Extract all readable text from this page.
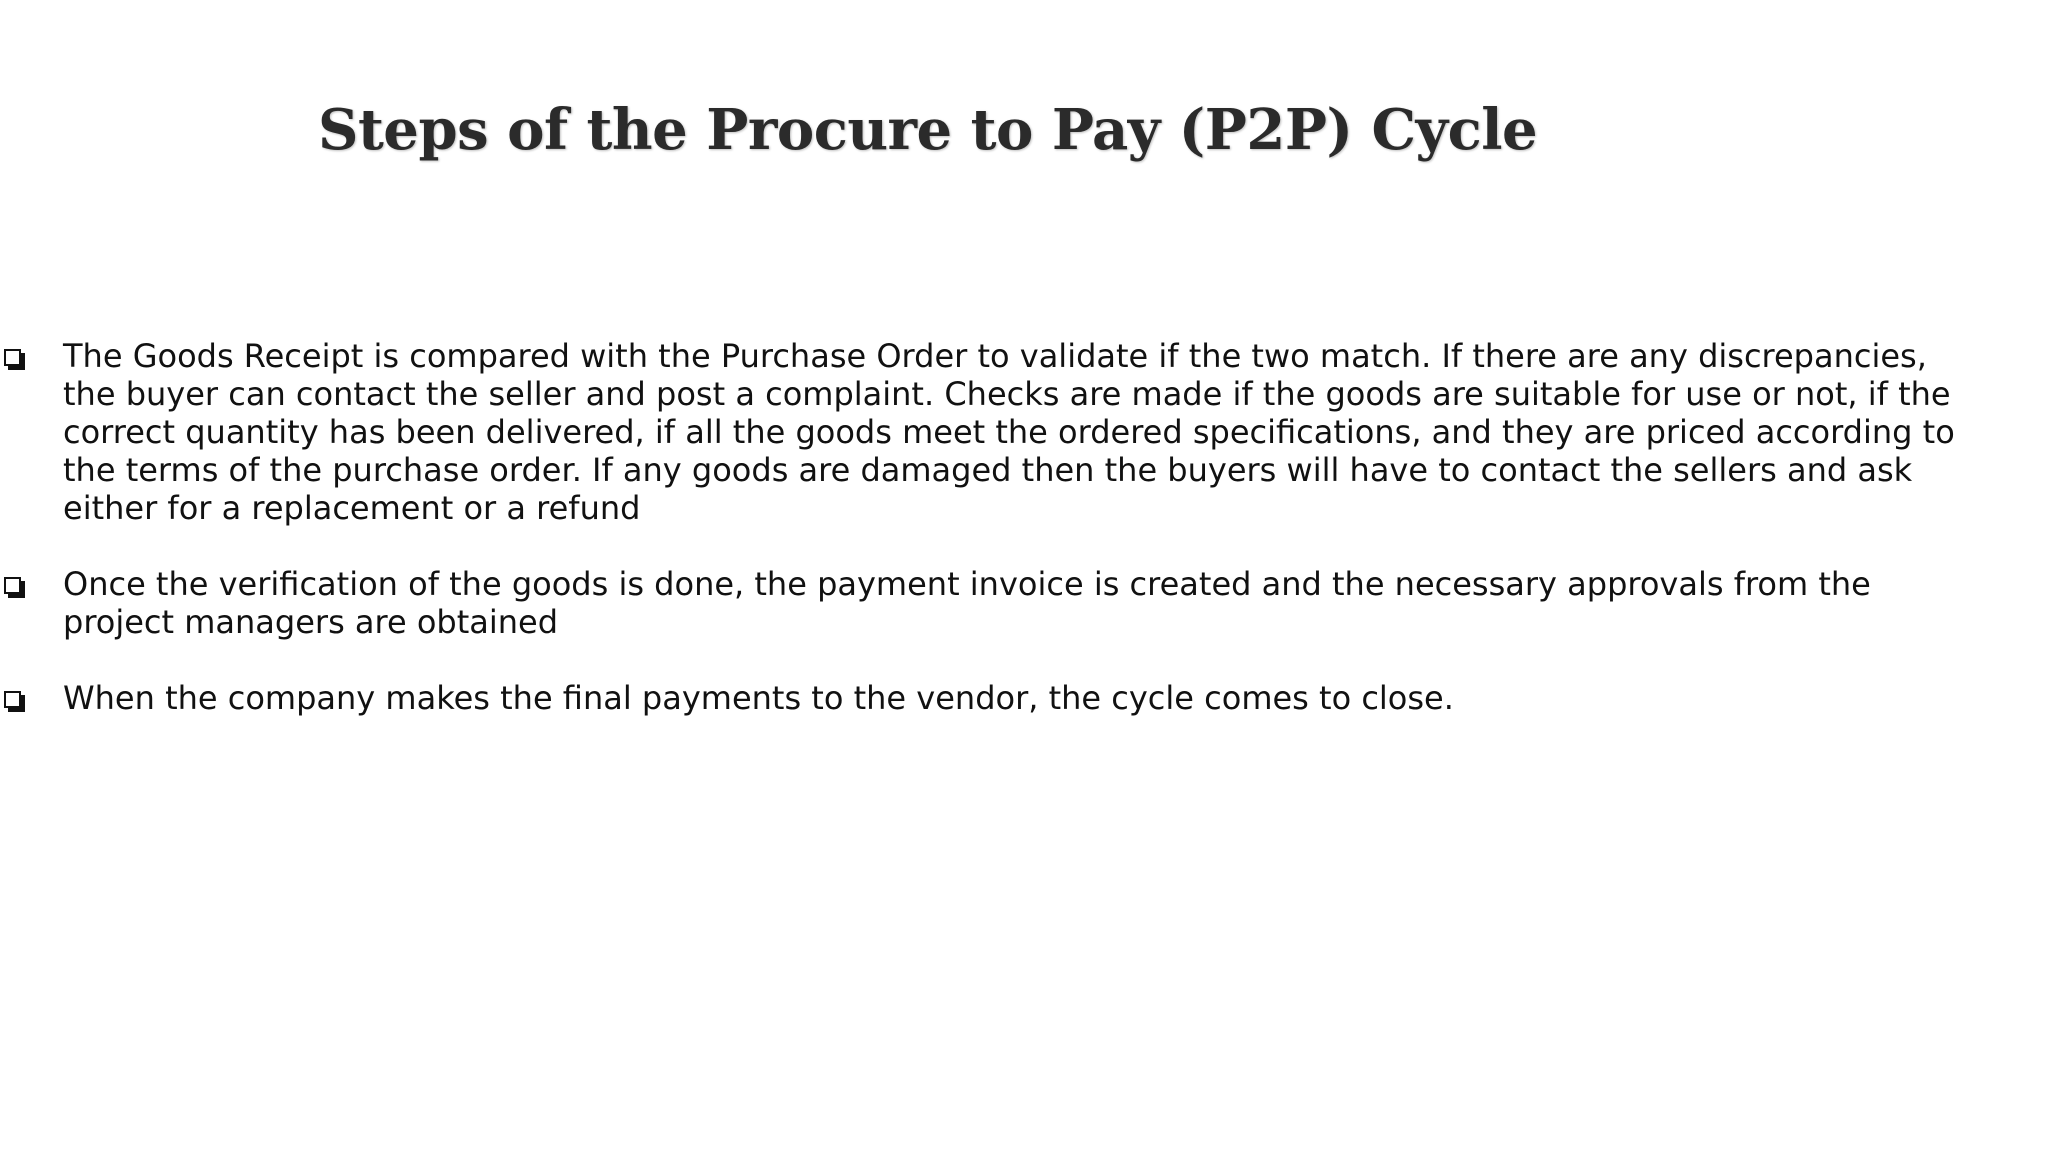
Steps of the Procure to Pay (P2P) Cycle
The Goods Receipt is compared with the Purchase Order to validate if the two match. If there are any discrepancies, the buyer can contact the seller and post a complaint. Checks are made if the goods are suitable for use or not, if the correct quantity has been delivered, if all the goods meet the ordered specifications, and they are priced according to the terms of the purchase order. If any goods are damaged then the buyers will have to contact the sellers and ask either for a replacement or a refund
Once the verification of the goods is done, the payment invoice is created and the necessary approvals from the project managers are obtained
When the company makes the final payments to the vendor, the cycle comes to close.
